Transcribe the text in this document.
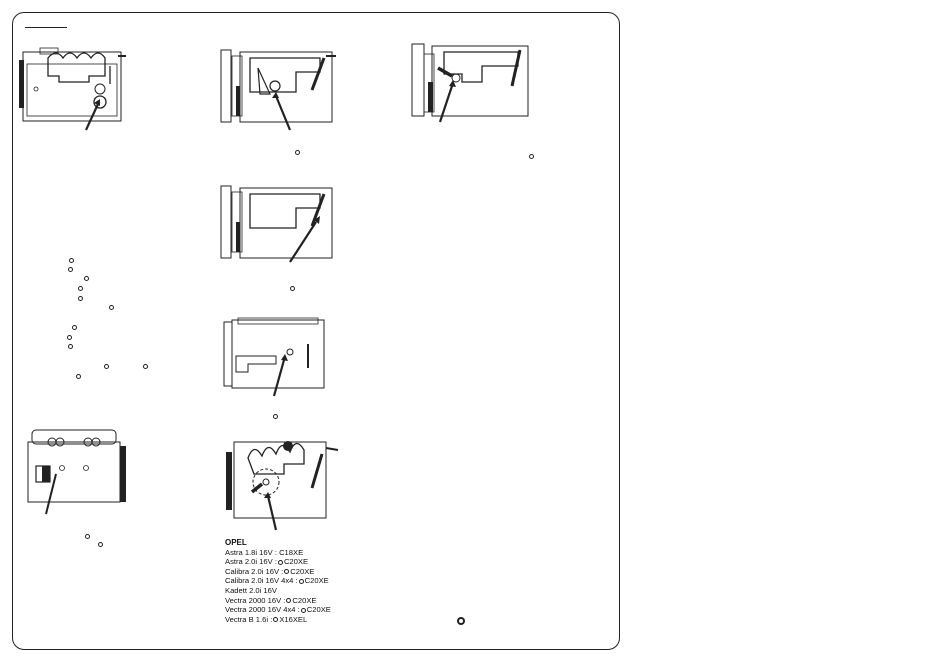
OPEL
Astra 1.8i 16V : C18XE
Astra 2.0i 16V : C20XE
Calibra 2.0i 16V : C20XE
Calibra 2.0i 16V 4x4 : C20XE
Kadett 2.0i 16V
Vectra 2000 16V : C20XE
Vectra 2000 16V 4x4 : C20XE
Vectra B 1.6i : X16XEL
